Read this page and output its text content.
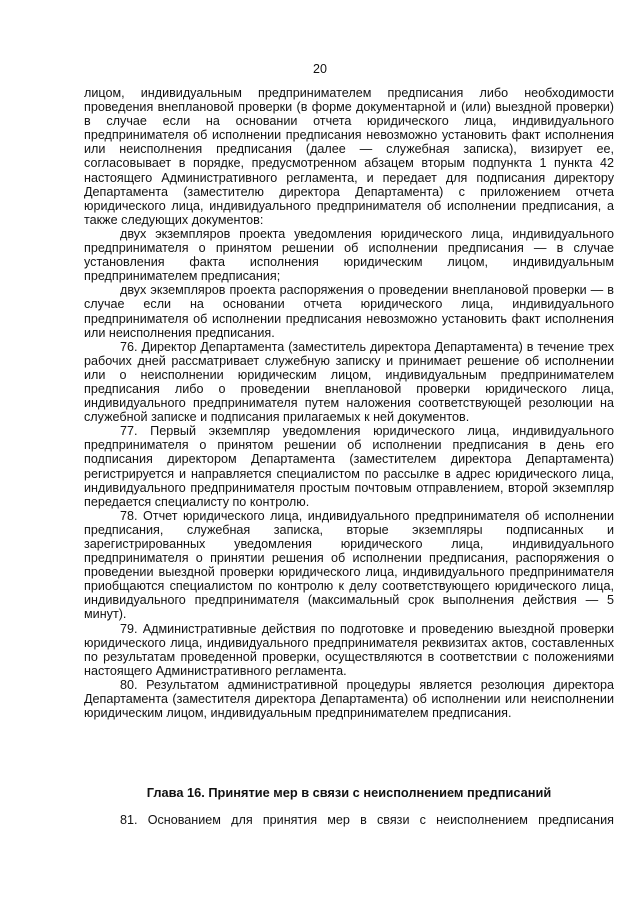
20

лицом, индивидуальным предпринимателем предписания либо необходимости проведения внеплановой проверки (в форме документарной и (или) выездной проверки) в случае если на основании отчета юридического лица, индивидуального предпринимателя об исполнении предписания невозможно установить факт исполнения или неисполнения предписания (далее — служебная записка), визирует ее, согласовывает в порядке, предусмотренном абзацем вторым подпункта 1 пункта 42 настоящего Административного регламента, и передает для подписания директору Департамента (заместителю директора Департамента) с приложением отчета юридического лица, индивидуального предпринимателя об исполнении предписания, а также следующих документов:

двух экземпляров проекта уведомления юридического лица, индивидуального предпринимателя о принятом решении об исполнении предписания — в случае установления факта исполнения юридическим лицом, индивидуальным предпринимателем предписания;

двух экземпляров проекта распоряжения о проведении внеплановой проверки — в случае если на основании отчета юридического лица, индивидуального предпринимателя об исполнении предписания невозможно установить факт исполнения или неисполнения предписания.

76. Директор Департамента (заместитель директора Департамента) в течение трех рабочих дней рассматривает служебную записку и принимает решение об исполнении или о неисполнении юридическим лицом, индивидуальным предпринимателем предписания либо о проведении внеплановой проверки юридического лица, индивидуального предпринимателя путем наложения соответствующей резолюции на служебной записке и подписания прилагаемых к ней документов.

77. Первый экземпляр уведомления юридического лица, индивидуального предпринимателя о принятом решении об исполнении предписания в день его подписания директором Департамента (заместителем директора Департамента) регистрируется и направляется специалистом по рассылке в адрес юридического лица, индивидуального предпринимателя простым почтовым отправлением, второй экземпляр передается специалисту по контролю.

78. Отчет юридического лица, индивидуального предпринимателя об исполнении предписания, служебная записка, вторые экземпляры подписанных и зарегистрированных уведомления юридического лица, индивидуального предпринимателя о принятии решения об исполнении предписания, распоряжения о проведении выездной проверки юридического лица, индивидуального предпринимателя приобщаются специалистом по контролю к делу соответствующего юридического лица, индивидуального предпринимателя (максимальный срок выполнения действия — 5 минут).

79. Административные действия по подготовке и проведению выездной проверки юридического лица, индивидуального предпринимателя реквизитах актов, составленных по результатам проведенной проверки, осуществляются в соответствии с положениями настоящего Административного регламента.

80. Результатом административной процедуры является резолюция директора Департамента (заместителя директора Департамента) об исполнении или неисполнении юридическим лицом, индивидуальным предпринимателем предписания.

Глава 16. Принятие мер в связи с неисполнением предписаний

81. Основанием для принятия мер в связи с неисполнением предписания
